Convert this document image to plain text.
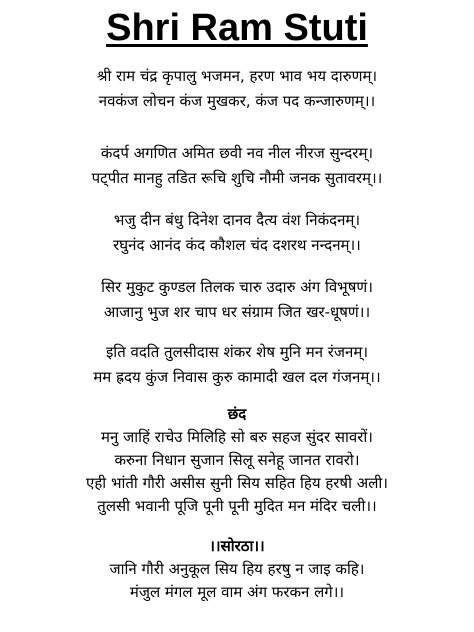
Shri Ram Stuti
श्री राम चंद्र कृपालु भजमन, हरण भाव भय दारुणम्।
नवकंज लोचन कंज मुखकर, कंज पद कन्जारुणम्।।
कंदर्प अगणित अमित छवी नव नील नीरज सुन्दरम्।
पट्पीत मानहु तडित रूचि शुचि नौमी जनक सुतावरम्।।
भजु दीन बंधु दिनेश दानव दैत्य वंश निकंदनम्।
रघुनंद आनंद कंद कौशल चंद दशरथ नन्दनम्।।
सिर मुकुट कुण्डल तिलक चारु उदारु अंग विभूषणं।
आजानु भुज शर चाप धर संग्राम जित खर-धूषणं।।
इति वदति तुलसीदास शंकर शेष मुनि मन रंजनम्।
मम ह्रदय कुंज निवास कुरु कामादी खल दल गंजनम्।।
छंद
मनु जाहिं राचेउ मिलिहि सो बरु सहज सुंदर सावरों।
करुना निधान सुजान सिलू सनेहू जानत रावरो।
एही भांती गौरी असीस सुनी सिय सहित हिय हरषी अली।
तुलसी भवानी पूजि पूनी पूनी मुदित मन मंदिर चली।।
।।सोरठा।।
जानि गौरी अनुकूल सिय हिय हरषु न जाइ कहि।
मंजुल मंगल मूल वाम अंग फरकन लगे।।
